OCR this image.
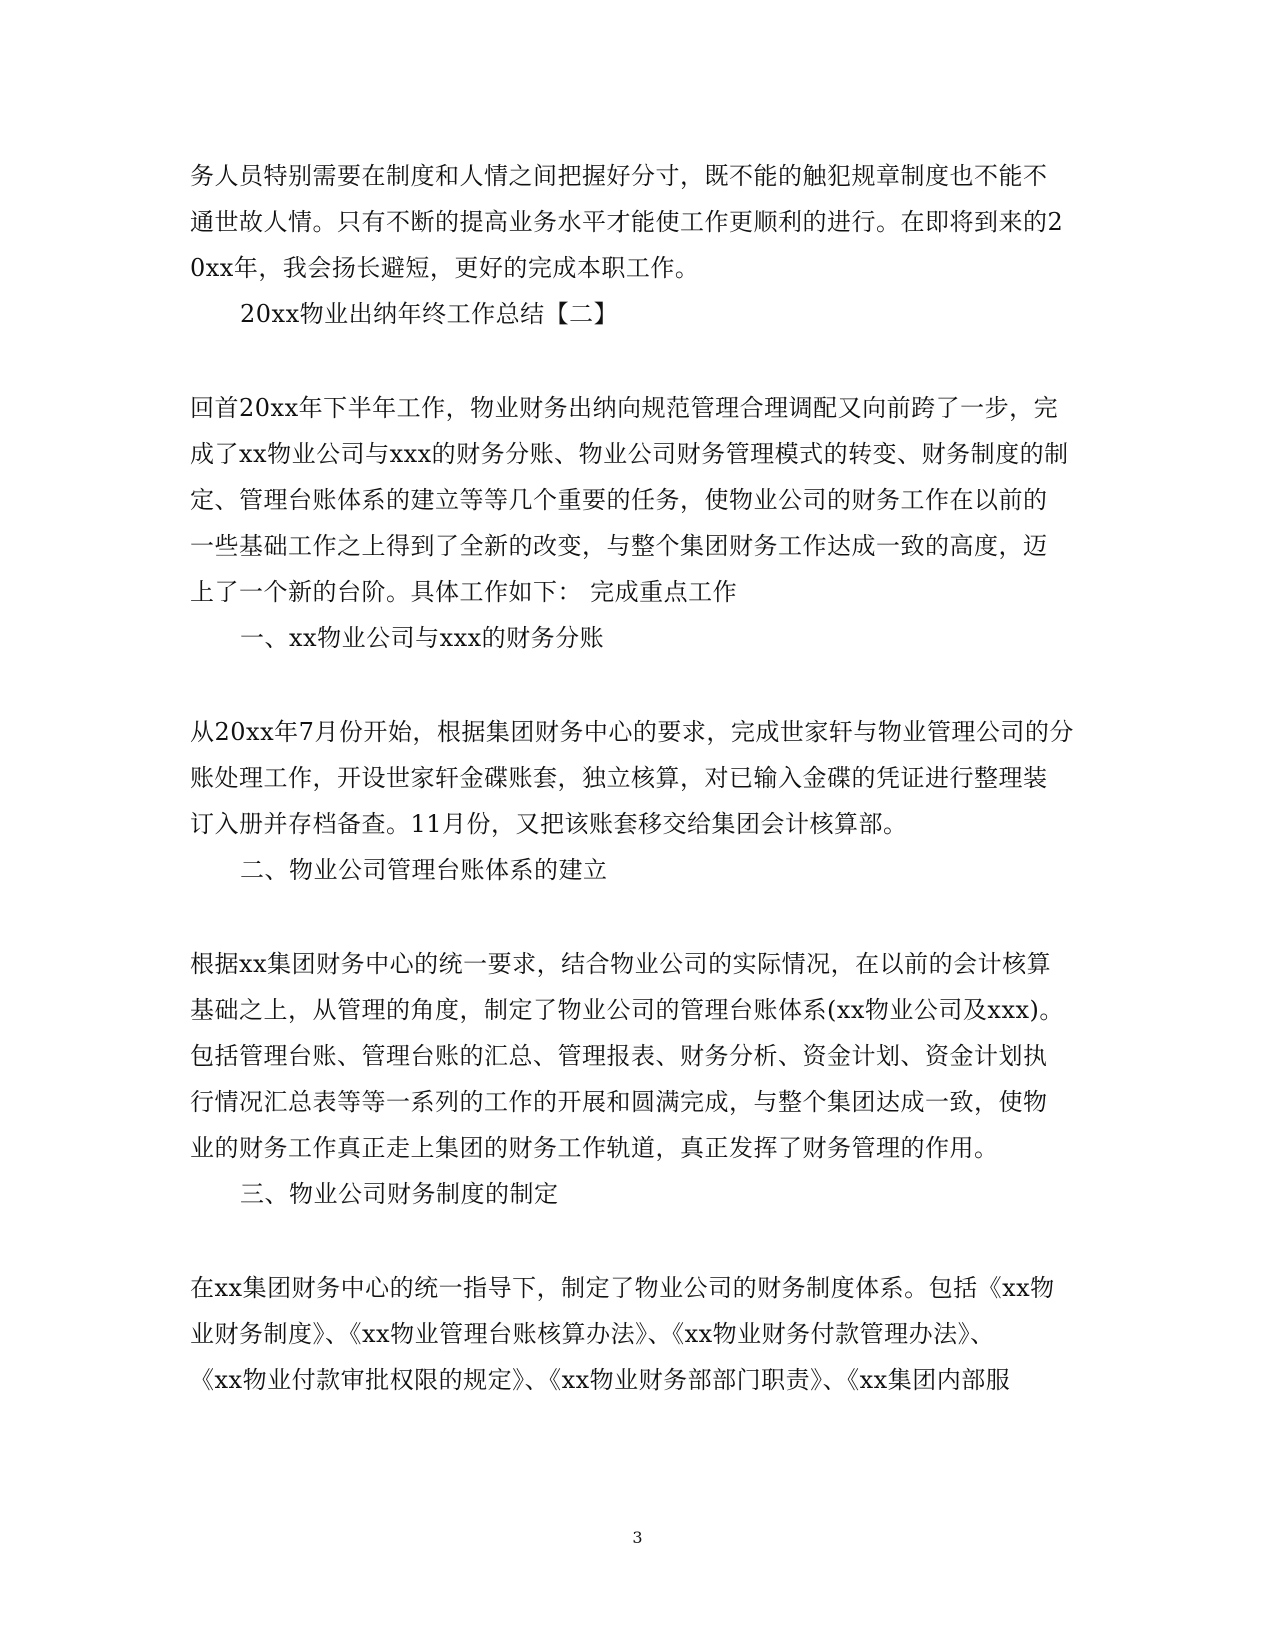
务人员特别需要在制度和人情之间把握好分寸，既不能的触犯规章制度也不能不
通世故人情。只有不断的提高业务水平才能使工作更顺利的进行。在即将到来的2
0xx年，我会扬长避短，更好的完成本职工作。
20xx物业出纳年终工作总结【二】
回首20xx年下半年工作，物业财务出纳向规范管理合理调配又向前跨了一步，完
成了xx物业公司与xxx的财务分账、物业公司财务管理模式的转变、财务制度的制
定、管理台账体系的建立等等几个重要的任务，使物业公司的财务工作在以前的
一些基础工作之上得到了全新的改变，与整个集团财务工作达成一致的高度，迈
上了一个新的台阶。具体工作如下： 完成重点工作
一、xx物业公司与xxx的财务分账
从20xx年7月份开始，根据集团财务中心的要求，完成世家轩与物业管理公司的分
账处理工作，开设世家轩金碟账套，独立核算，对已输入金碟的凭证进行整理装
订入册并存档备查。11月份，又把该账套移交给集团会计核算部。
二、物业公司管理台账体系的建立
根据xx集团财务中心的统一要求，结合物业公司的实际情况，在以前的会计核算
基础之上，从管理的角度，制定了物业公司的管理台账体系(xx物业公司及xxx)。
包括管理台账、管理台账的汇总、管理报表、财务分析、资金计划、资金计划执
行情况汇总表等等一系列的工作的开展和圆满完成，与整个集团达成一致，使物
业的财务工作真正走上集团的财务工作轨道，真正发挥了财务管理的作用。
三、物业公司财务制度的制定
在xx集团财务中心的统一指导下，制定了物业公司的财务制度体系。包括《xx物
业财务制度》、《xx物业管理台账核算办法》、《xx物业财务付款管理办法》、
《xx物业付款审批权限的规定》、《xx物业财务部部门职责》、《xx集团内部服
3
